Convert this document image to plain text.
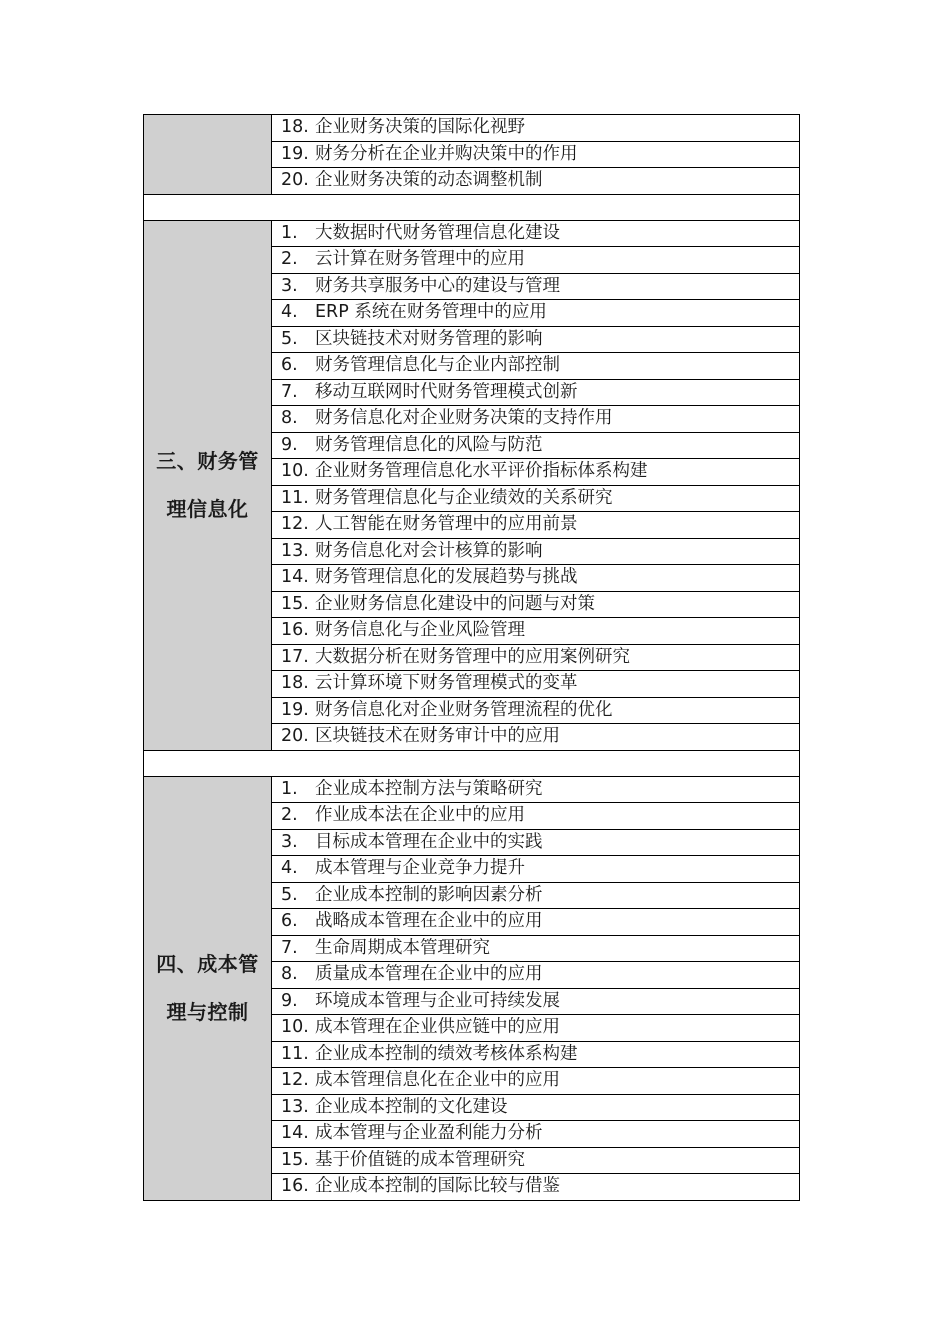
	18. 企业财务决策的国际化视野
	19. 财务分析在企业并购决策中的作用
	20. 企业财务决策的动态调整机制

三、财务管
理信息化	1. 大数据时代财务管理信息化建设
	2. 云计算在财务管理中的应用
	3. 财务共享服务中心的建设与管理
	4. ERP 系统在财务管理中的应用
	5. 区块链技术对财务管理的影响
	6. 财务管理信息化与企业内部控制
	7. 移动互联网时代财务管理模式创新
	8. 财务信息化对企业财务决策的支持作用
	9. 财务管理信息化的风险与防范
	10. 企业财务管理信息化水平评价指标体系构建
	11. 财务管理信息化与企业绩效的关系研究
	12. 人工智能在财务管理中的应用前景
	13. 财务信息化对会计核算的影响
	14. 财务管理信息化的发展趋势与挑战
	15. 企业财务信息化建设中的问题与对策
	16. 财务信息化与企业风险管理
	17. 大数据分析在财务管理中的应用案例研究
	18. 云计算环境下财务管理模式的变革
	19. 财务信息化对企业财务管理流程的优化
	20. 区块链技术在财务审计中的应用

四、成本管
理与控制	1. 企业成本控制方法与策略研究
	2. 作业成本法在企业中的应用
	3. 目标成本管理在企业中的实践
	4. 成本管理与企业竞争力提升
	5. 企业成本控制的影响因素分析
	6. 战略成本管理在企业中的应用
	7. 生命周期成本管理研究
	8. 质量成本管理在企业中的应用
	9. 环境成本管理与企业可持续发展
	10. 成本管理在企业供应链中的应用
	11. 企业成本控制的绩效考核体系构建
	12. 成本管理信息化在企业中的应用
	13. 企业成本控制的文化建设
	14. 成本管理与企业盈利能力分析
	15. 基于价值链的成本管理研究
	16. 企业成本控制的国际比较与借鉴
